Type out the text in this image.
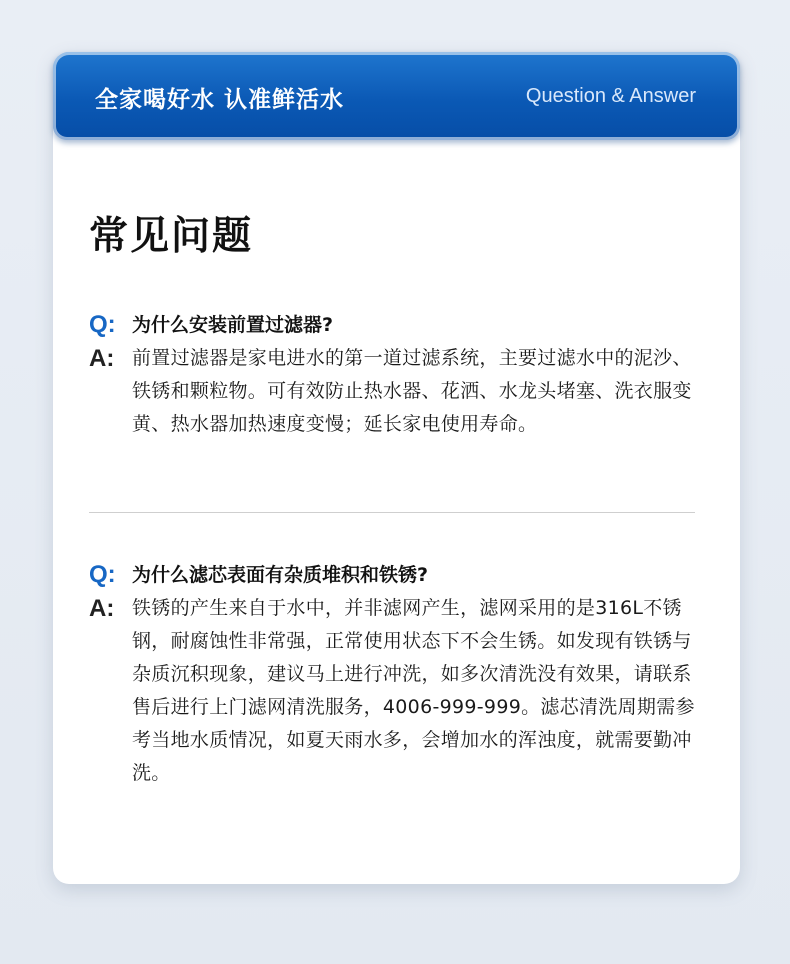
全家喝好水 认准鲜活水	Question & Answer
常见问题
Q: 为什么安装前置过滤器?
A: 前置过滤器是家电进水的第一道过滤系统，主要过滤水中的泥沙、铁锈和颗粒物。可有效防止热水器、花洒、水龙头堵塞、洗衣服变黄、热水器加热速度变慢；延长家电使用寿命。
Q: 为什么滤芯表面有杂质堆积和铁锈?
A: 铁锈的产生来自于水中，并非滤网产生，滤网采用的是316L不锈钢，耐腐蚀性非常强，正常使用状态下不会生锈。如发现有铁锈与杂质沉积现象，建议马上进行冲洗，如多次清洗没有效果，请联系售后进行上门滤网清洗服务，4006-999-999。滤芯清洗周期需参考当地水质情况，如夏天雨水多，会增加水的浑浊度，就需要勤冲洗。
